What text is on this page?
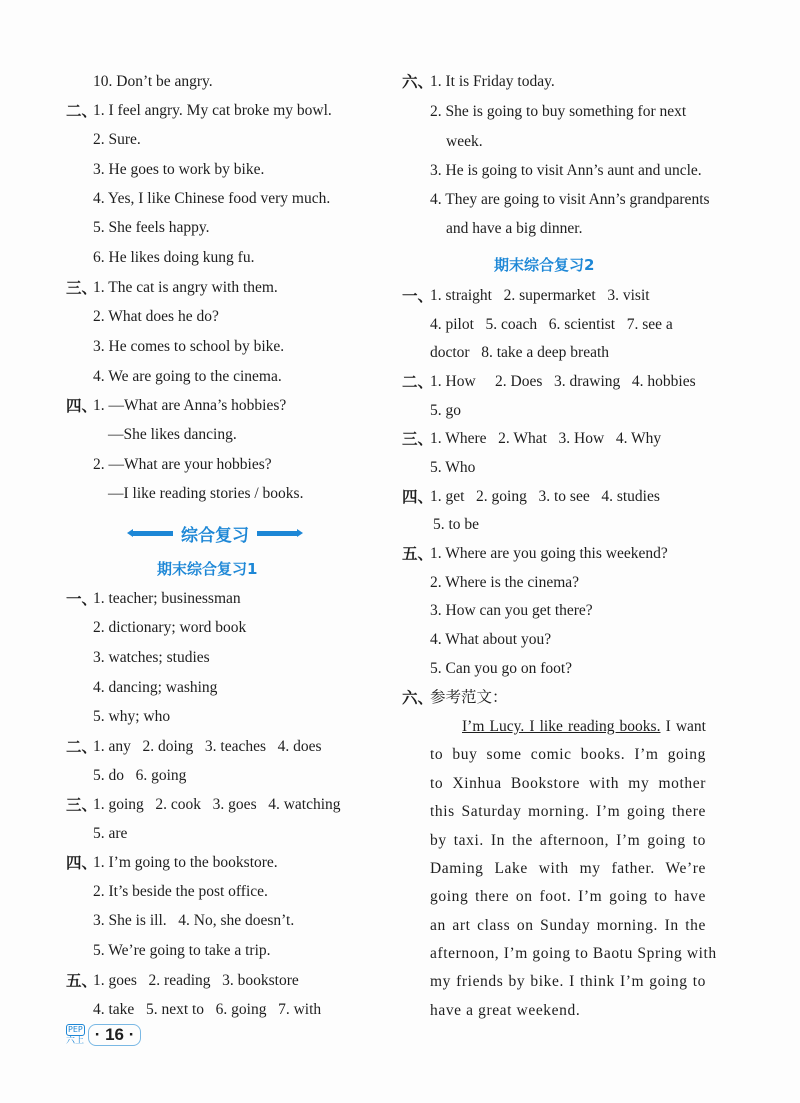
综合复习
期末综合复习1
期末综合复习2
PEP
六上 · 16 ·
10. Don’t be angry.
二、
1. I feel angry. My cat broke my bowl.
2. Sure.
3. He goes to work by bike.
4. Yes, I like Chinese food very much.
5. She feels happy.
6. He likes doing kung fu.
三、
1. The cat is angry with them.
2. What does he do?
3. He comes to school by bike.
4. We are going to the cinema.
四、
1. —What are Anna’s hobbies?
—She likes dancing.
2. —What are your hobbies?
—I like reading stories / books.
一、
1. teacher; businessman
2. dictionary; word book
3. watches; studies
4. dancing; washing
5. why; who
二、
1. any   2. doing   3. teaches   4. does
5. do   6. going
三、
1. going   2. cook   3. goes   4. watching
5. are
四、
1. I’m going to the bookstore.
2. It’s beside the post office.
3. She is ill.   4. No, she doesn’t.
5. We’re going to take a trip.
五、
1. goes   2. reading   3. bookstore
4. take   5. next to   6. going   7. with
六、
1. It is Friday today.
2. She is going to buy something for next
week.
3. He is going to visit Ann’s aunt and uncle.
4. They are going to visit Ann’s grandparents
and have a big dinner.
一、
1. straight   2. supermarket   3. visit
4. pilot   5. coach   6. scientist   7. see a
doctor   8. take a deep breath
二、
1. How     2. Does   3. drawing   4. hobbies
5. go
三、
1. Where   2. What   3. How   4. Why
5. Who
四、
1. get   2. going   3. to see   4. studies
5. to be
五、
1. Where are you going this weekend?
2. Where is the cinema?
3. How can you get there?
4. What about you?
5. Can you go on foot?
六、
参考范文：
I’m Lucy. I like reading books. I want
to buy some comic books. I’m going
to Xinhua Bookstore with my mother
this Saturday morning. I’m going there
by taxi. In the afternoon, I’m going to
Daming Lake with my father. We’re
going there on foot. I’m going to have
an art class on Sunday morning. In the
afternoon, I’m going to Baotu Spring with
my friends by bike. I think I’m going to
have a great weekend.
